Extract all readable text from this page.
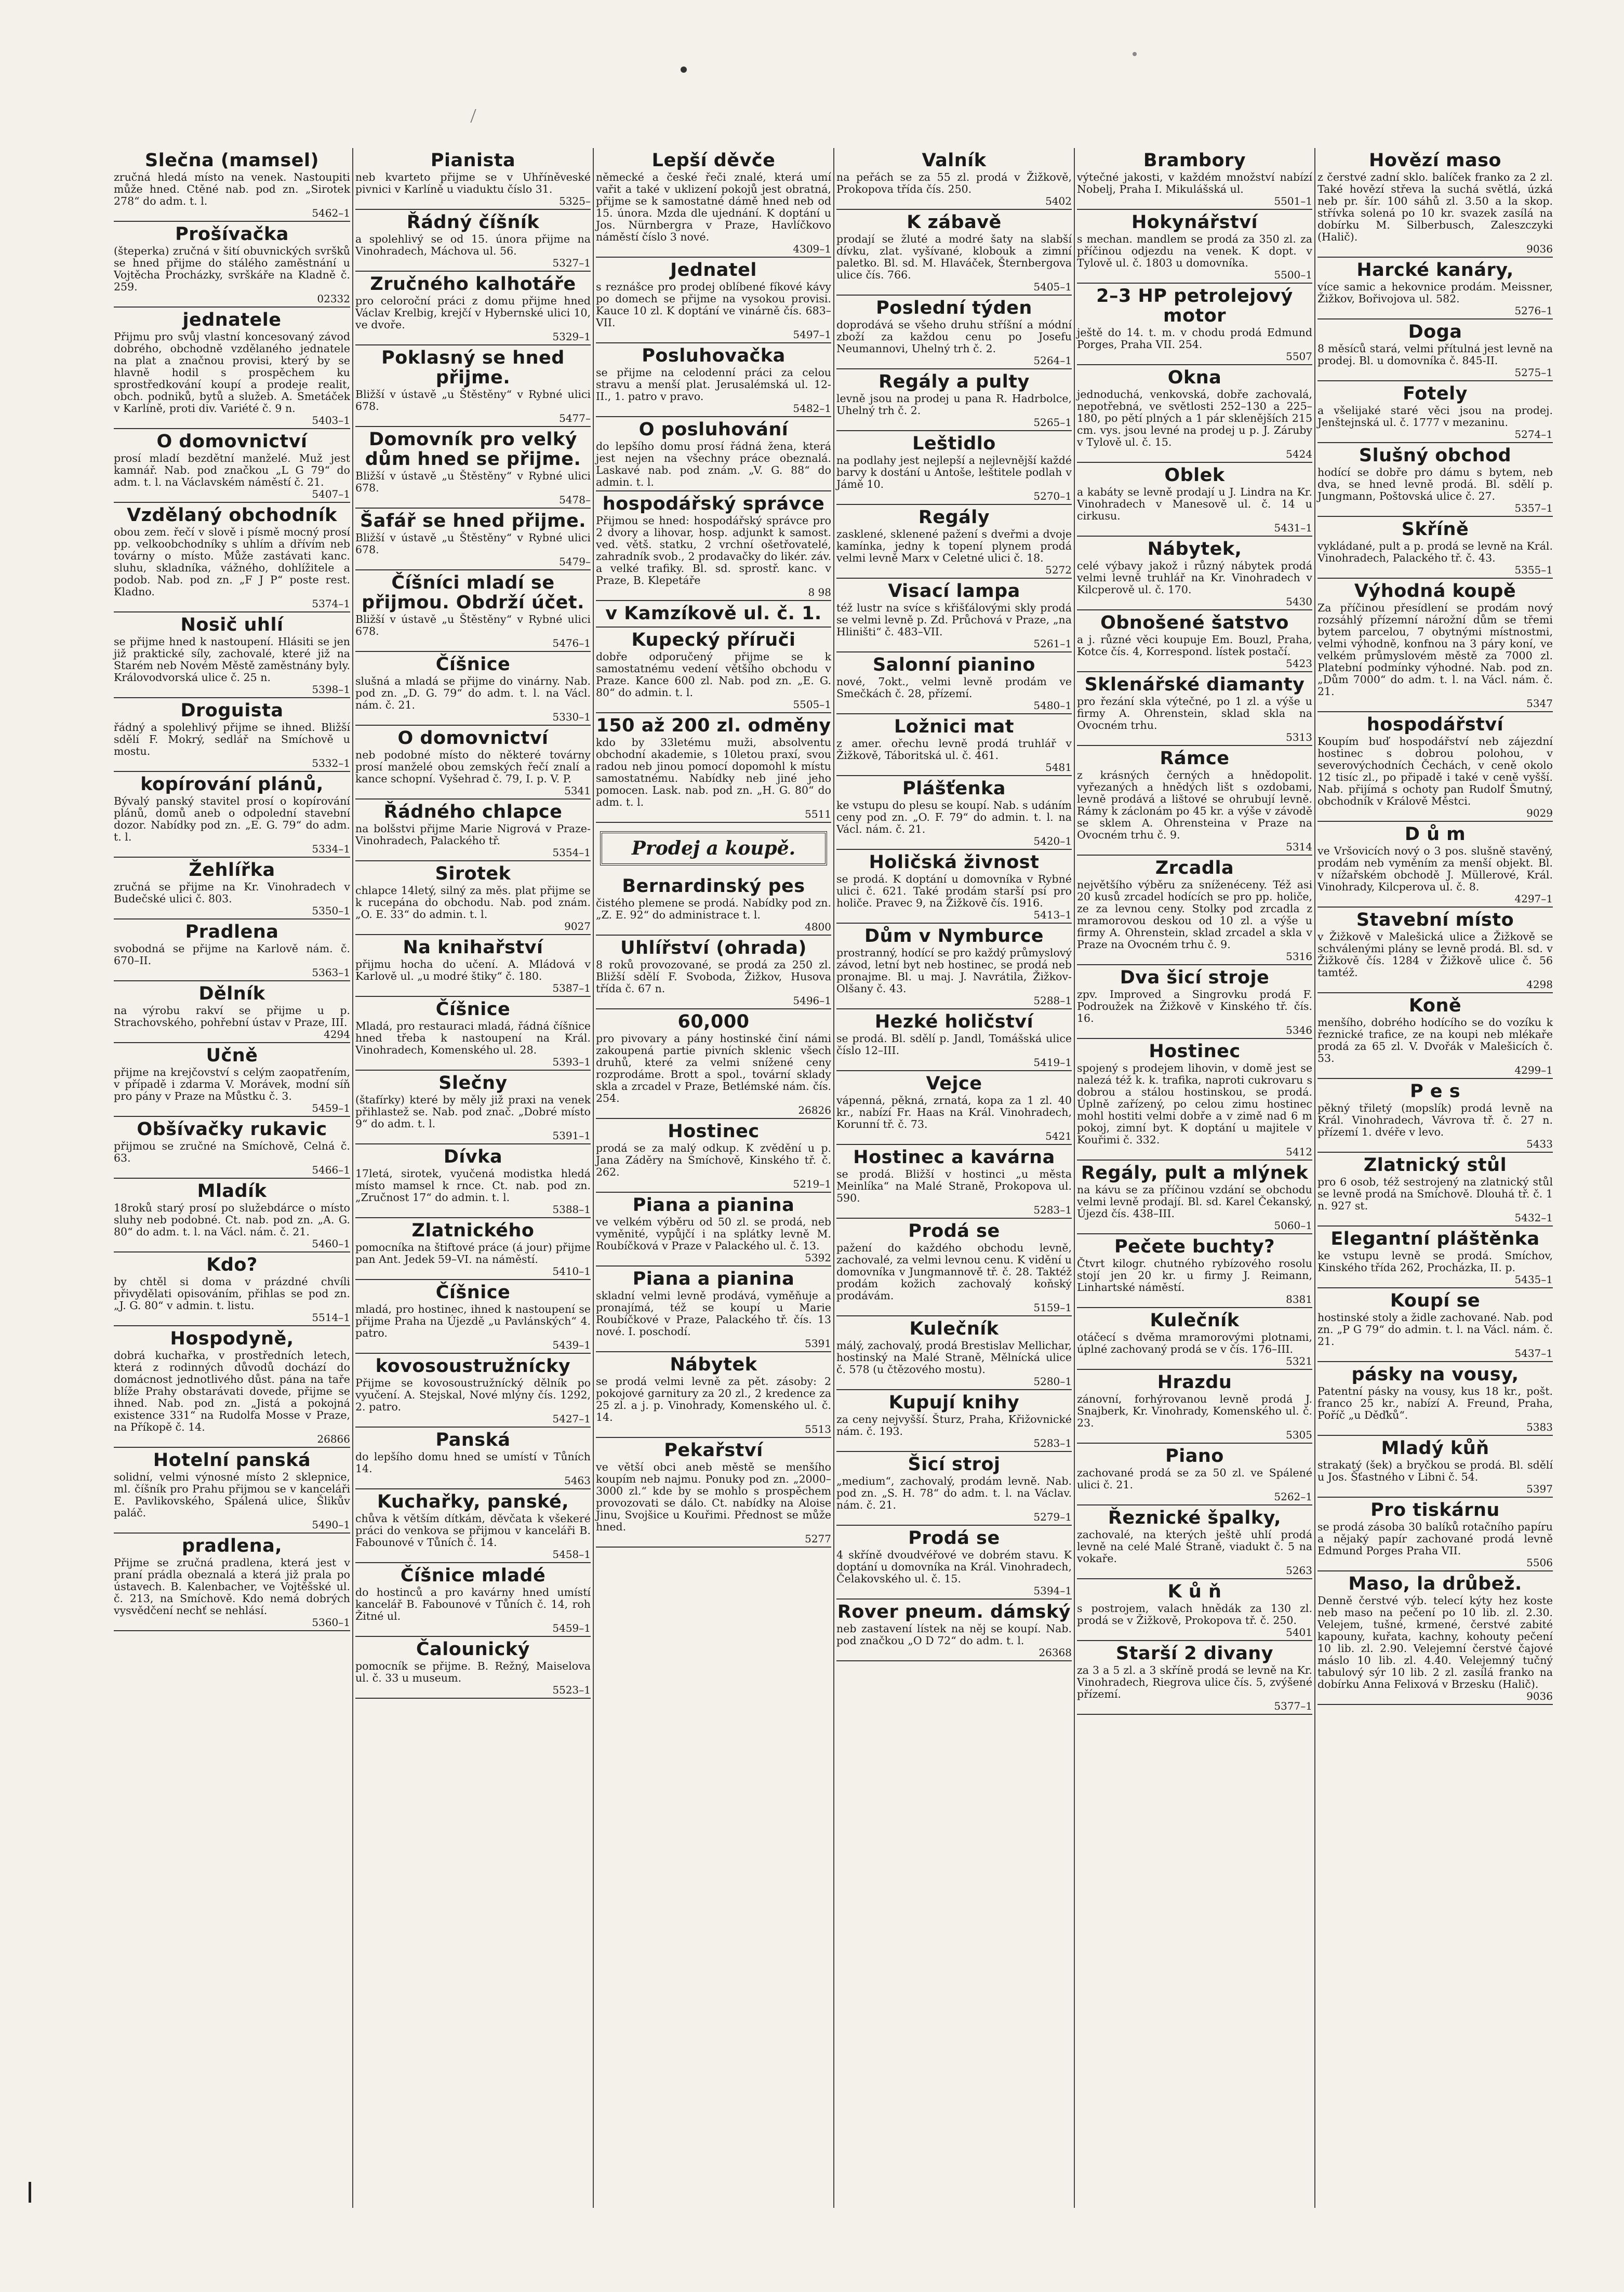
Slečna (mamsel)

zručná hledá místo na venek. Nastoupiti může hned. Ctěné nab. pod zn. „Sirotek 278“ do adm. t. l.

5462–1
Prošívačka

(šteperka) zručná v šití obuvnických svršků se hned přijme do stálého zaměstnání u Vojtěcha Procházky, svrškáře na Kladně č. 259.

02332
jednatele

Přijmu pro svůj vlastní koncesovaný závod dobrého, obchodně vzdělaného jednatele na plat a značnou provisi, který by se hlavně hodil s prospěchem ku sprostředkování koupí a prodeje realit, obch. podniků, bytů a služeb. A. Smetáček v Karlíně, proti div. Variété č. 9 n.

5403–1
O domovnictví

prosí mladí bezdětní manželé. Muž jest kamnář. Nab. pod značkou „L G 79“ do adm. t. l. na Václavském náměstí č. 21.

5407–1
Vzdělaný obchodník

obou zem. řečí v slově i písmě mocný prosí pp. velkoobchodníky s uhlím a dřívím neb továrny o místo. Může zastávati kanc. sluhu, skladníka, vážného, dohlížitele a podob. Nab. pod zn. „F J P“ poste rest. Kladno.

5374–1
Nosič uhlí

se přijme hned k nastoupení. Hlásiti se jen již praktické síly, zachovalé, které již na Starém neb Novém Městě zaměstnány byly. Královodvorská ulice č. 25 n.

5398–1
Droguista

řádný a spolehlivý přijme se ihned. Bližší sdělí F. Mokrý, sedlář na Smíchově u mostu.

5332–1
kopírování plánů,

Bývalý panský stavitel prosí o kopírování plánů, domů aneb o odpolední stavební dozor. Nabídky pod zn. „E. G. 79“ do adm. t. l.

5334–1
Žehlířka

zručná se přijme na Kr. Vinohradech v Budečské ulici č. 803.

5350–1
Pradlena

svobodná se přijme na Karlově nám. č. 670–II.

5363–1
Dělník

na výrobu rakví se přijme u p. Strachovského, pohřební ústav v Praze, III.

4294
Učně

přijme na krejčovství s celým zaopatřením, v případě i zdarma V. Morávek, modní síň pro pány v Praze na Můstku č. 3.

5459–1
Obšívačky rukavic

přijmou se zručné na Smíchově, Celná č. 63.

5466–1
Mladík

18roků starý prosí po služebdárce o místo sluhy neb podobné. Ct. nab. pod zn. „A. G. 80“ do adm. t. l. na Václ. nám. č. 21.

5460–1
Kdo?

by chtěl si doma v prázdné chvíli přivydělati opisováním, přihlas se pod zn. „J. G. 80“ v admin. t. listu.

5514–1
Hospodyně,

dobrá kuchařka, v prostředních letech, která z rodinných důvodů dochází do domácnost jednotlivého důst. pána na taře blíže Prahy obstarávati dovede, přijme se ihned. Nab. pod zn. „Jistá a pokojná existence 331“ na Rudolfa Mosse v Praze, na Příkopě č. 14.

26866
Hotelní panská

solidní, velmi výnosné místo 2 sklepnice, ml. číšník pro Prahu přijmou se v kanceláři E. Pavlikovského, Spálená ulice, Šlikův paláč.

5490–1
pradlena,

Přijme se zručná pradlena, která jest v praní prádla obeznalá a která již prala po ústavech. B. Kalenbacher, ve Vojtěšské ul. č. 213, na Smíchově. Kdo nemá dobrých vysvědčení nechť se nehlásí.

5360–1
Pianista

neb kvarteto přijme se v Uhříněveské pivnici v Karlíně u viaduktu číslo 31.

5325–
Řádný číšník

a spolehlivý se od 15. února přijme na Vinohradech, Máchova ul. 56.

5327–1
Zručného kalhotáře

pro celoroční práci z domu přijme hned Václav Krelbig, krejčí v Hybernské ulici 10, ve dvoře.

5329–1
Poklasný se hned přijme.

Bližší v ústavě „u Štěstěny“ v Rybné ulici 678.

5477–
Domovník pro velký dům hned se přijme.

Bližší v ústavě „u Štěstěny“ v Rybné ulici 678.

5478–
Šafář se hned přijme.

Bližší v ústavě „u Štěstěny“ v Rybné ulici 678.

5479–
Číšníci mladí se přijmou. Obdrží účet.

Bližší v ústavě „u Štěstěny“ v Rybné ulici 678.

5476–1
Číšnice

slušná a mladá se přijme do vinárny. Nab. pod zn. „D. G. 79“ do adm. t. l. na Václ. nám. č. 21.

5330–1
O domovnictví

neb podobné místo do některé továrny prosí manželé obou zemských řečí znalí a kance schopní. Vyšehrad č. 79, I. p. V. P.

5341
Řádného chlapce

na bolšstvi přijme Marie Nigrová v Praze-Vinohradech, Palackého tř.

5354–1
Sirotek

chlapce 14letý, silný za měs. plat přijme se k rucepána do obchodu. Nab. pod znám. „O. E. 33“ do admin. t. l.

9027
Na knihařství

přijmu hocha do učení. A. Mládová v Karlově ul. „u modré štiky“ č. 180.

5387–1
Číšnice

Mladá, pro restauraci mladá, řádná číšnice hned třeba k nastoupení na Král. Vinohradech, Komenského ul. 28.

5393–1
Slečny

(štafírky) které by měly již praxi na venek přihlastež se. Nab. pod znač. „Dobré místo 9“ do adm. t. l.

5391–1
Dívka

17letá, sirotek, vyučená modistka hledá místo mamsel k rnce. Ct. nab. pod zn. „Zručnost 17“ do admin. t. l.

5388–1
Zlatnického

pomocníka na štiftové práce (á jour) přijme pan Ant. Jedek 59–VI. na náměstí.

5410–1
Číšnice

mladá, pro hostinec, ihned k nastoupení se přijme Praha na Újezdě „u Pavlánských“ 4. patro.

5439–1
kovosoustružnícky

Přijme se kovosoustružnícký dělník po vyučení. A. Stejskal, Nové mlýny čís. 1292, 2. patro.

5427–1
Panská

do lepšího domu hned se umístí v Tůních 14.

5463
Kuchařky, panské,

chůva k větším dítkám, děvčata k všekeré práci do venkova se přijmou v kanceláři B. Fabounové v Tůních č. 14.

5458–1
Číšnice mladé

do hostinců a pro kavárny hned umístí kancelář B. Fabounové v Tůních č. 14, roh Žitné ul.

5459–1
Čalounický

pomocník se přijme. B. Režný, Maiselova ul. č. 33 u museum.

5523–1
Lepší děvče

německé a české řeči znalé, která umí vařit a také v uklizení pokojů jest obratná, přijme se k samostatné dámě hned neb od 15. února. Mzda dle ujednání. K doptání u Jos. Nürnbergra v Praze, Havlíčkovo náměstí číslo 3 nové.

4309–1
Jednatel

s reznášce pro prodej oblíbené fíkové kávy po domech se přijme na vysokou provisi. Kauce 10 zl. K doptání ve vinárně čís. 683–VII.

5497–1
Posluhovačka

se přijme na celodenní práci za celou stravu a menší plat. Jerusalémská ul. 12-II., 1. patro v pravo.

5482–1
O posluhování

do lepšího domu prosí řádná žena, která jest nejen na všechny práce obeznalá. Laskavé nab. pod znám. „V. G. 88“ do admin. t. l.

hospodářský správce

Přijmou se hned: hospodářský správce pro 2 dvory a lihovar, hosp. adjunkt k samost. ved. větš. statku, 2 vrchní ošetřovatelé, zahradník svob., 2 prodavačky do likér. záv. a velké trafiky. Bl. sd. sprostř. kanc. v Praze, B. Klepetáře

8 98
v Kamzíkově ul. č. 1.
Kupecký příruči

dobře odporučený přijme se k samostatnému vedení většího obchodu v Praze. Kance 600 zl. Nab. pod zn. „E. G. 80“ do admin. t. l.

5505–1
150 až 200 zl. odměny

kdo by 33letému muži, absolventu obchodní akademie, s 10letou praxí, svou radou neb jinou pomocí dopomohl k místu samostatnému. Nabídky neb jiné jeho pomocen. Lask. nab. pod zn. „H. G. 80“ do adm. t. l.

5511
Prodej a koupě.
Bernardinský pes

čistého plemene se prodá. Nabídky pod zn. „Z. E. 92“ do administrace t. l.

4800
Uhlířství (ohrada)

8 roků provozované, se prodá za 250 zl. Bližší sdělí F. Svoboda, Žižkov, Husova třída č. 67 n.

5496–1
60,000

pro pivovary a pány hostinské činí námi zakoupená partie pivních sklenic všech druhů, které za velmi snížené ceny rozprodáme. Brott a spol., tovární sklady skla a zrcadel v Praze, Betlémské nám. čís. 254.

26826
Hostinec

prodá se za malý odkup. K zvědění u p. Jana Záděry na Smíchově, Kinského tř. č. 262.

5219–1
Piana a pianina

ve velkém výběru od 50 zl. se prodá, neb vyměnité, vypůjčí i na splátky levně M. Roubíčková v Praze v Palackého ul. č. 13.

5392
Piana a pianina

skladní velmi levně prodává, vyměňuje a pronajímá, též se koupí u Marie Roubíčkové v Praze, Palackého tř. čís. 13 nové. I. poschodí.

5391
Nábytek

se prodá velmi levně za pět. zásoby: 2 pokojové garnitury za 20 zl., 2 kredence za 25 zl. a j. p. Vinohrady, Komenského ul. č. 14.

5513
Pekařství

ve větší obci aneb městě se menšího koupím neb najmu. Ponuky pod zn. „2000–3000 zl.“ kde by se mohlo s prospěchem provozovati se dálo. Ct. nabídky na Aloise Jinu, Svojšice u Kouřimi. Přednost se může hned.

5277
Valník

na peřách se za 55 zl. prodá v Žižkově, Prokopova třída čís. 250.

5402
K zábavě

prodají se žluté a modré šaty na slabší dívku, zlat. vyšívané, klobouk a zimní paletko. Bl. sd. M. Hlaváček, Šternbergova ulice čís. 766.

5405–1
Poslední týden

doprodává se všeho druhu stříšní a módní zboží za každou cenu po Josefu Neumannovi, Uhelný trh č. 2.

5264–1
Regály a pulty

levně jsou na prodej u pana R. Hadrbolce, Uhelný trh č. 2.

5265–1
Leštidlo

na podlahy jest nejlepší a nejlevnější každé barvy k dostání u Antoše, leštitele podlah v Jámě 10.

5270–1
Regály

zasklené, sklenené pažení s dveřmi a dvoje kamínka, jedny k topení plynem prodá velmi levně Marx v Celetné ulici č. 18.

5272
Visací lampa

též lustr na svíce s křišťálovými skly prodá se velmi levně p. Zd. Průchová v Praze, „na Hliništi“ č. 483–VII.

5261–1
Salonní pianino

nové, 7okt., velmi levně prodám ve Smečkách č. 28, přízemí.

5480–1
Ložnici mat

z amer. ořechu levně prodá truhlář v Žižkově, Táboritská ul. č. 461.

5481
Plášťenka

ke vstupu do plesu se koupí. Nab. s udáním ceny pod zn. „O. F. 79“ do admin. t. l. na Václ. nám. č. 21.

5420–1
Holičská živnost

se prodá. K doptání u domovníka v Rybné ulici č. 621. Také prodám starší psí pro holiče. Pravec 9, na Žižkově čís. 1916.

5413–1
Dům v Nymburce

prostranný, hodící se pro každý průmyslový závod, letní byt neb hostinec, se prodá neb pronajme. Bl. u maj. J. Navrátila, Žižkov-Olšany č. 43.

5288–1
Hezké holičství

se prodá. Bl. sdělí p. Jandl, Tomášská ulice číslo 12–III.

5419–1
Vejce

vápenná, pěkná, zrnatá, kopa za 1 zl. 40 kr., nabízí Fr. Haas na Král. Vinohradech, Korunní tř. č. 73.

5421
Hostinec a kavárna

se prodá. Bližší v hostinci „u města Meinlíka“ na Malé Straně, Prokopova ul. 590.

5283–1
Prodá se

pažení do každého obchodu levně, zachovalé, za velmi levnou cenu. K vidění u domovníka v Jungmannově tř. č. 28. Taktéž prodám kožich zachovalý koňský prodávám.

5159–1
Kulečník

málý, zachovalý, prodá Brestislav Mellichar, hostinský na Malé Straně, Mělnícká ulice č. 578 (u čtězového mostu).

5280–1
Kupují knihy

za ceny nejvyšší. Šturz, Praha, Křižovnické nám. č. 193.

5283–1
Šicí stroj

„medium“, zachovalý, prodám levně. Nab. pod zn. „S. H. 78“ do adm. t. l. na Václav. nám. č. 21.

5279–1
Prodá se

4 skříně dvoudvéřové ve dobrém stavu. K doptání u domovníka na Král. Vinohradech, Čelakovského ul. č. 15.

5394–1
Rover pneum. dámský

neb zastavení lístek na něj se koupí. Nab. pod značkou „O D 72“ do adm. t. l.

26368
Brambory

výtečné jakosti, v každém množství nabízí Nobelj, Praha I. Mikulášská ul.

5501–1
Hokynářství

s mechan. mandlem se prodá za 350 zl. za příčinou odjezdu na venek. K dopt. v Tylově ul. č. 1803 u domovníka.

5500–1
2–3 HP petrolejový motor

ještě do 14. t. m. v chodu prodá Edmund Porges, Praha VII. 254.

5507
Okna

jednoduchá, venkovská, dobře zachovalá, nepotřebná, ve světlosti 252–130 a 225–180, po pětí plných a 1 pár sklenějších 215 cm. vys. jsou levné na prodej u p. J. Záruby v Tylově ul. č. 15.

5424
Oblek

a kabáty se levně prodají u J. Lindra na Kr. Vinohradech v Manesově ul. č. 14 u cirkusu.

5431–1
Nábytek,

celé výbavy jakož i různý nábytek prodá velmi levně truhlář na Kr. Vinohradech v Kilcperově ul. č. 170.

5430
Obnošené šatstvo

a j. různé věci koupuje Em. Bouzl, Praha, Kotce čís. 4, Korrespond. lístek postačí.

5423
Sklenářské diamanty

pro řezání skla výtečné, po 1 zl. a výše u firmy A. Ohrenstein, sklad skla na Ovocném trhu.

5313
Rámce

z krásných černých a hnědopolit. vyřezaných a hnědých lišt s ozdobami, levně prodává a lištové se ohrubují levně. Rámy k záclonám po 45 kr. a výše v závodě se sklem A. Ohrensteina v Praze na Ovocném trhu č. 9.

5314
Zrcadla

největšího výběru za sníženéceny. Též asi 20 kusů zrcadel hodících se pro pp. holiče, ze za levnou ceny. Stolky pod zrcadla z mramorovou deskou od 10 zl. a výše u firmy A. Ohrenstein, sklad zrcadel a skla v Praze na Ovocném trhu č. 9.

5316
Dva šicí stroje

zpv. Improved a Singrovku prodá F. Podroužek na Žižkově v Kinského tř. čís. 16.

5346
Hostinec

spojený s prodejem lihovin, v domě jest se nalezá též k. k. trafika, naproti cukrovaru s dobrou a stálou hostinskou, se prodá. Úplně zařízený, po celou zimu hostinec mohl hostiti velmi dobře a v zimě nad 6 m pokoj, zimní byt. K doptání u majitele v Kouřimi č. 332.

5412
Regály, pult a mlýnek

na kávu se za příčinou vzdání se obchodu velmi levně prodají. Bl. sd. Karel Čekanský, Újezd čís. 438–III.

5060–1
Pečete buchty?

Čtvrt kilogr. chutného rybízového rosolu stojí jen 20 kr. u firmy J. Reimann, Linhartské náměstí.

8381
Kulečník

otáčecí s dvěma mramorovými plotnami, úplné zachovaný prodá se v čís. 176–III.

5321
Hrazdu

zánovní, forhýrovanou levně prodá J. Snajberk, Kr. Vinohrady, Komenského ul. č. 23.

5305
Piano

zachované prodá se za 50 zl. ve Spálené ulici č. 21.

5262–1
Řeznické špalky,

zachovalé, na kterých ještě uhlí prodá levně na celé Malé Straně, viadukt č. 5 na vokaře.

5263
K ů ň

s postrojem, valach hnědák za 130 zl. prodá se v Žižkově, Prokopova tř. č. 250.

5401
Starší 2 divany

za 3 a 5 zl. a 3 skříně prodá se levně na Kr. Vinohradech, Riegrova ulice čís. 5, zvýšené přízemí.

5377–1
Hovězí maso

z čerstvé zadní sklo. balíček franko za 2 zl. Také hovězí střeva la suchá světlá, úzká neb pr. šír. 100 sáhů zl. 3.50 a la skop. střívka solená po 10 kr. svazek zasílá na dobírku M. Silberbusch, Zaleszczyki (Halič).

9036
Harcké kanáry,

více samic a hekovnice prodám. Meissner, Žižkov, Bořivojova ul. 582.

5276–1
Doga

8 měsíců stará, velmi přítulná jest levně na prodej. Bl. u domovníka č. 845-II.

5275–1
Fotely

a všelijaké staré věci jsou na prodej. Jenštejnská ul. č. 1777 v mezaninu.

5274–1
Slušný obchod

hodící se dobře pro dámu s bytem, neb dva, se hned levně prodá. Bl. sdělí p. Jungmann, Poštovská ulice č. 27.

5357–1
Skříně

vykládané, pult a p. prodá se levně na Král. Vinohradech, Palackého tř. č. 43.

5355–1
Výhodná koupě

Za příčinou přesídlení se prodám nový rozsáhlý přízemní nárožní dům se třemi bytem parcelou, 7 obytnými místnostmi, velmi výhodně, konfnou na 3 páry koní, ve velkém průmyslovém městě za 7000 zl. Platební podmínky výhodné. Nab. pod zn. „Dům 7000“ do adm. t. l. na Václ. nám. č. 21.

5347
hospodářství

Koupím buď hospodářství neb zájezdní hostinec s dobrou polohou, v severovýchodních Čechách, v ceně okolo 12 tisíc zl., po připadě i také v ceně vyšší. Nab. přijímá s ochoty pan Rudolf Šmutný, obchodník v Králově Městci.

9029
D ů m

ve Vršovicích nový o 3 pos. slušně stavěný, prodám neb vyměním za menší objekt. Bl. v nížařském obchodě J. Müllerové, Král. Vinohrady, Kilcperova ul. č. 8.

4297–1
Stavební místo

v Žižkově v Malešická ulice a Žižkově se schválenými plány se levně prodá. Bl. sd. v Žižkově čís. 1284 v Žižkově ulice č. 56 tamtéž.

4298
Koně

menšího, dobrého hodícího se do vozíku k řeznické trafice, ze na koupi neb mlékaře prodá za 65 zl. V. Dvořák v Malešicích č. 53.

4299–1
P e s

pěkný třiletý (mopslík) prodá levně na Král. Vinohradech, Vávrova tř. č. 27 n. přízemí 1. dvéře v levo.

5433
Zlatnický stůl

pro 6 osob, též sestrojený na zlatnický stůl se levně prodá na Smíchově. Dlouhá tř. č. 1 n. 927 st.

5432–1
Elegantní pláštěnka

ke vstupu levně se prodá. Smíchov, Kinského třída 262, Procházka, II. p.

5435–1
Koupí se

hostinské stoly a židle zachované. Nab. pod zn. „P G 79“ do admin. t. l. na Václ. nám. č. 21.

5437–1
pásky na vousy,

Patentní pásky na vousy, kus 18 kr., pošt. franco 25 kr., nabízí A. Freund, Praha, Poříč „u Děďků“.

5383
Mladý kůň

strakatý (šek) a bryčkou se prodá. Bl. sdělí u Jos. Šťastného v Libni č. 54.

5397
Pro tiskárnu

se prodá zásoba 30 balíků rotačního papíru a nějaký papír zachované prodá levně Edmund Porges Praha VII.

5506
Maso, la drůbež.

Denně čerstvé výb. telecí kýty hez koste neb maso na pečení po 10 lib. zl. 2.30. Velejem, tušné, krmené, čerstvé zabité kapouny, kuřata, kachny, kohouty pečení 10 lib. zl. 2.90. Velejemní čerstvé čajové máslo 10 lib. zl. 4.40. Velejemný tučný tabulový sýr 10 lib. 2 zl. zasílá franko na dobírku Anna Felixová v Brzesku (Halič).

9036
